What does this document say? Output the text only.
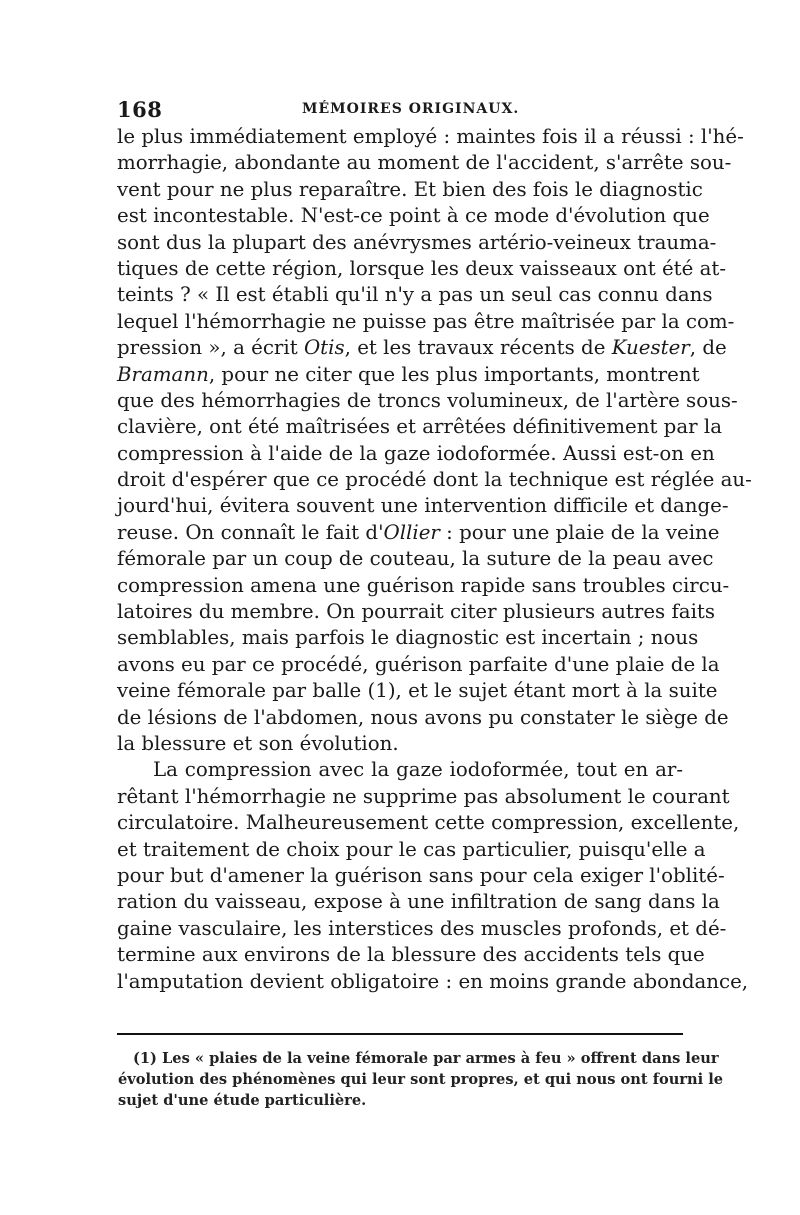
168	MÉMOIRES ORIGINAUX.
le plus immédiatement employé : maintes fois il a réussi : l'hé-
morrhagie, abondante au moment de l'accident, s'arrête sou-
vent pour ne plus reparaître. Et bien des fois le diagnostic
est incontestable. N'est-ce point à ce mode d'évolution que
sont dus la plupart des anévrysmes artério-veineux trauma-
tiques de cette région, lorsque les deux vaisseaux ont été at-
teints ? « Il est établi qu'il n'y a pas un seul cas connu dans
lequel l'hémorrhagie ne puisse pas être maîtrisée par la com-
pression », a écrit Otis, et les travaux récents de Kuester, de
Bramann, pour ne citer que les plus importants, montrent
que des hémorrhagies de troncs volumineux, de l'artère sous-
clavière, ont été maîtrisées et arrêtées définitivement par la
compression à l'aide de la gaze iodoformée. Aussi est-on en
droit d'espérer que ce procédé dont la technique est réglée au-
jourd'hui, évitera souvent une intervention difficile et dange-
reuse. On connaît le fait d'Ollier : pour une plaie de la veine
fémorale par un coup de couteau, la suture de la peau avec
compression amena une guérison rapide sans troubles circu-
latoires du membre. On pourrait citer plusieurs autres faits
semblables, mais parfois le diagnostic est incertain ; nous
avons eu par ce procédé, guérison parfaite d'une plaie de la
veine fémorale par balle (1), et le sujet étant mort à la suite
de lésions de l'abdomen, nous avons pu constater le siège de
la blessure et son évolution.
La compression avec la gaze iodoformée, tout en ar-
rêtant l'hémorrhagie ne supprime pas absolument le courant
circulatoire. Malheureusement cette compression, excellente,
et traitement de choix pour le cas particulier, puisqu'elle a
pour but d'amener la guérison sans pour cela exiger l'oblité-
ration du vaisseau, expose à une infiltration de sang dans la
gaine vasculaire, les interstices des muscles profonds, et dé-
termine aux environs de la blessure des accidents tels que
l'amputation devient obligatoire : en moins grande abondance,
(1) Les « plaies de la veine fémorale par armes à feu » offrent dans leur
évolution des phénomènes qui leur sont propres, et qui nous ont fourni le
sujet d'une étude particulière.
